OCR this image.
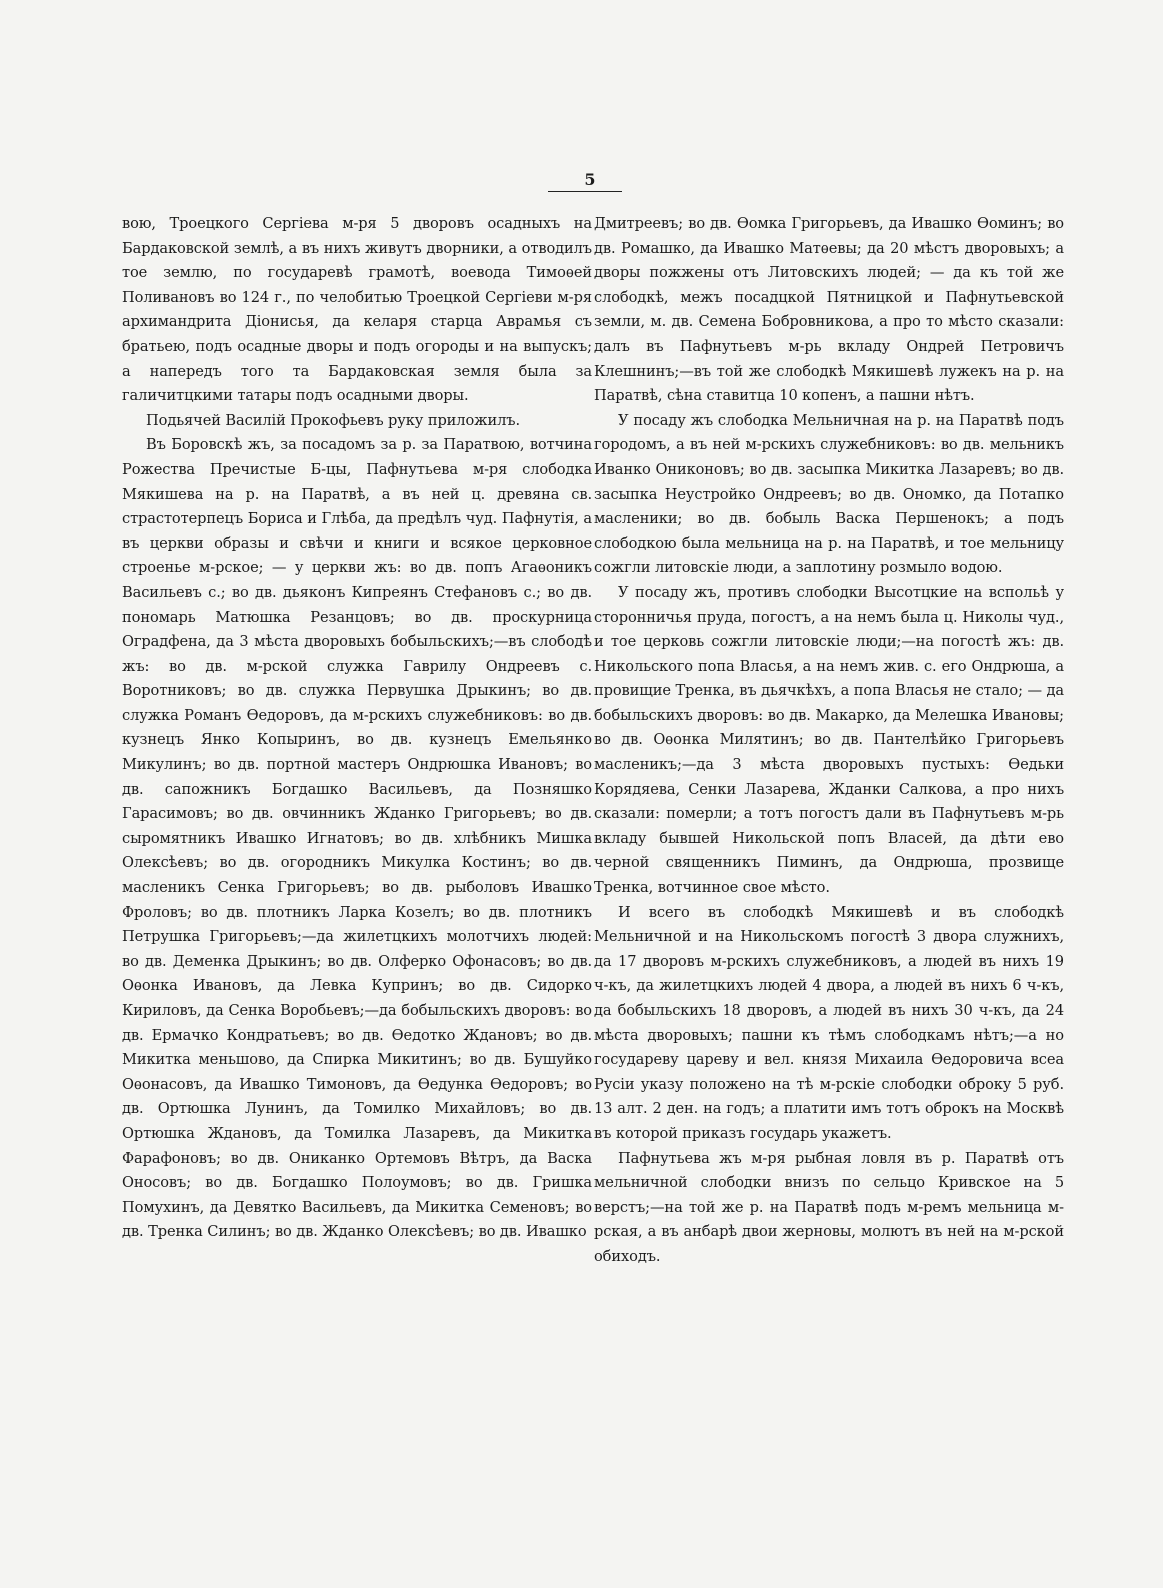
5

вою, Троецкого Сергiева м-ря 5 дворовъ осадныхъ на Бардаковской землѣ, а въ нихъ живутъ дворники, а отводилъ тое землю, по государевѣ грамотѣ, воевода Тимоѳей Поливановъ во 124 г., по челобитью Троецкой Сергiеви м-ря архимандрита Дiонисья, да келаря старца Аврамья съ братьею, подъ осадные дворы и подъ огороды и на выпускъ; а напередъ того та Бардаковская земля была за галичитцкими татары подъ осадными дворы.

Подьячей Василiй Прокофьевъ руку приложилъ.

Въ Боровскѣ жъ, за посадомъ за р. за Паратвою, вотчина Рожества Пречистые Б-цы, Пафнутьева м-ря слободка Мякишева на р. на Паратвѣ, а въ ней ц. древяна св. страстотерпецъ Бориса и Глѣба, да предѣлъ чуд. Пафнутiя, а въ церкви образы и свѣчи и книги и всякое церковное строенье м-рское; — у церкви жъ: во дв. попъ Агаѳоникъ Васильевъ с.; во дв. дьяконъ Кипреянъ Стефановъ с.; во дв. пономарь Матюшка Резанцовъ; во дв. проскурница Оградфена, да 3 мѣста дворовыхъ бобыльскихъ;—въ слободѣ жъ: во дв. м-рской служка Гаврилу Ондреевъ с. Воротниковъ; во дв. служка Первушка Дрыкинъ; во дв. служка Романъ Ѳедоровъ, да м-рскихъ служебниковъ: во дв. кузнецъ Янко Копыринъ, во дв. кузнецъ Емельянко Микулинъ; во дв. портной мастеръ Ондрюшка Ивановъ; во дв. сапожникъ Богдашко Васильевъ, да Позняшко Гарасимовъ; во дв. овчинникъ Жданко Григорьевъ; во дв. сыромятникъ Ивашко Игнатовъ; во дв. хлѣбникъ Мишка Олексѣевъ; во дв. огородникъ Микулка Костинъ; во дв. масленикъ Сенка Григорьевъ; во дв. рыболовъ Ивашко Фроловъ; во дв. плотникъ Ларка Козелъ; во дв. плотникъ Петрушка Григорьевъ;—да жилетцкихъ молотчихъ людей: во дв. Деменка Дрыкинъ; во дв. Олферко Офонасовъ; во дв. Оѳонка Ивановъ, да Левка Купринъ; во дв. Сидорко Кириловъ, да Сенка Воробьевъ;—да бобыльскихъ дворовъ: во дв. Ермачко Кондратьевъ; во дв. Ѳедотко Ждановъ; во дв. Микитка меньшово, да Спирка Микитинъ; во дв. Бушуйко Оѳонасовъ, да Ивашко Тимоновъ, да Ѳедунка Ѳедоровъ; во дв. Ортюшка Лунинъ, да Томилко Михайловъ; во дв. Ортюшка Ждановъ, да Томилка Лазаревъ, да Микитка Фарафоновъ; во дв. Ониканко Ортемовъ Вѣтръ, да Васка Оносовъ; во дв. Богдашко Полоумовъ; во дв. Гришка Помухинъ, да Девятко Васильевъ, да Микитка Семеновъ; во дв. Тренка Силинъ; во дв. Жданко Олексѣевъ; во дв. Ивашко

Дмитреевъ; во дв. Ѳомка Григорьевъ, да Ивашко Ѳоминъ; во дв. Ромашко, да Ивашко Матѳевы; да 20 мѣстъ дворовыхъ; а дворы пожжены отъ Литовскихъ людей; — да къ той же слободкѣ, межъ посадцкой Пятницкой и Пафнутьевской земли, м. дв. Семена Бобровникова, а про то мѣсто сказали: далъ въ Пафнутьевъ м-рь вкладу Ондрей Петровичъ Клешнинъ;—въ той же слободкѣ Мякишевѣ лужекъ на р. на Паратвѣ, сѣна ставитца 10 копенъ, а пашни нѣтъ.

У посаду жъ слободка Мельничная на р. на Паратвѣ подъ городомъ, а въ ней м-рскихъ служебниковъ: во дв. мельникъ Иванко Ониконовъ; во дв. засыпка Микитка Лазаревъ; во дв. засыпка Неустройко Ондреевъ; во дв. Ономко, да Потапко масленики; во дв. бобыль Васка Першенокъ; а подъ слободкою была мельница на р. на Паратвѣ, и тое мельницу сожгли литовскiе люди, а заплотину розмыло водою.

У посаду жъ, противъ слободки Высотцкие на вспольѣ у сторонничья пруда, погостъ, а на немъ была ц. Николы чуд., и тое церковь сожгли литовскiе люди;—на погостѣ жъ: дв. Никольского попа Власья, а на немъ жив. с. его Ондрюша, а провищие Тренка, въ дьячкѣхъ, а попа Власья не стало; — да бобыльскихъ дворовъ: во дв. Макарко, да Мелешка Ивановы; во дв. Оѳонка Милятинъ; во дв. Пантелѣйко Григорьевъ масленикъ;—да 3 мѣста дворовыхъ пустыхъ: Ѳедьки Корядяева, Сенки Лазарева, Жданки Салкова, а про нихъ сказали: померли; а тотъ погостъ дали въ Пафнутьевъ м-рь вкладу бывшей Никольской попъ Власей, да дѣти ево черной священникъ Пиминъ, да Ондрюша, прозвище Тренка, вотчинное свое мѣсто.

И всего въ слободкѣ Мякишевѣ и въ слободкѣ Мельничной и на Никольскомъ погостѣ 3 двора служнихъ, да 17 дворовъ м-рскихъ служебниковъ, а людей въ нихъ 19 ч-къ, да жилетцкихъ людей 4 двора, а людей въ нихъ 6 ч-къ, да бобыльскихъ 18 дворовъ, а людей въ нихъ 30 ч-къ, да 24 мѣста дворовыхъ; пашни къ тѣмъ слободкамъ нѣтъ;—а но государеву цареву и вел. князя Михаила Ѳедоровича всеа Русiи указу положено на тѣ м-рскiе слободки оброку 5 руб. 13 алт. 2 ден. на годъ; а платити имъ тотъ оброкъ на Москвѣ въ которой приказъ государь укажетъ.

Пафнутьева жъ м-ря рыбная ловля въ р. Паратвѣ отъ мельничной слободки внизъ по сельцо Кривское на 5 верстъ;—на той же р. на Паратвѣ подъ м-ремъ мельница м-рская, а въ анбарѣ двои жерновы, молютъ въ ней на м-рской обиходъ.
